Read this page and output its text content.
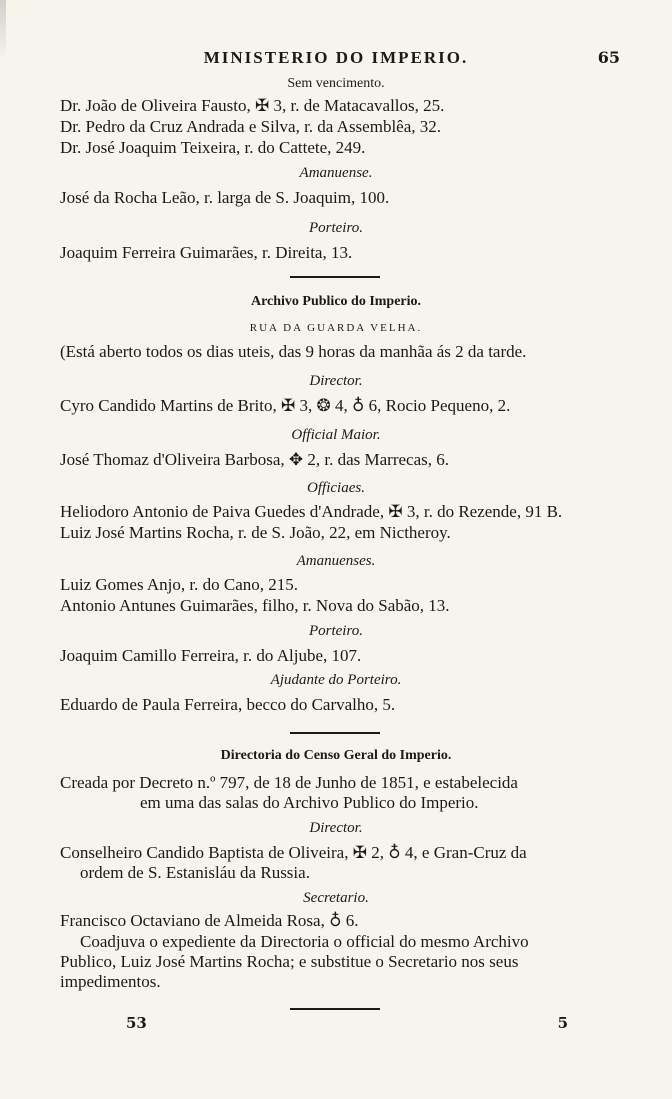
MINISTERIO DO IMPERIO.	65
Sem vencimento.
Dr. João de Oliveira Fausto, ✠ 3, r. de Matacavallos, 25.
Dr. Pedro da Cruz Andrada e Silva, r. da Assemblêa, 32.
Dr. José Joaquim Teixeira, r. do Cattete, 249.
Amanuense.
José da Rocha Leão, r. larga de S. Joaquim, 100.
Porteiro.
Joaquim Ferreira Guimarães, r. Direita, 13.
Archivo Publico do Imperio.
RUA DA GUARDA VELHA.
(Está aberto todos os dias uteis, das 9 horas da manhãa ás 2 da tarde.
Director.
Cyro Candido Martins de Brito, ✠ 3, ❂ 4, ♁ 6, Rocio Pequeno, 2.
Official Maior.
José Thomaz d'Oliveira Barbosa, ✥ 2, r. das Marrecas, 6.
Officiaes.
Heliodoro Antonio de Paiva Guedes d'Andrade, ✠ 3, r. do Rezende, 91 B.
Luiz José Martins Rocha, r. de S. João, 22, em Nictheroy.
Amanuenses.
Luiz Gomes Anjo, r. do Cano, 215.
Antonio Antunes Guimarães, filho, r. Nova do Sabão, 13.
Porteiro.
Joaquim Camillo Ferreira, r. do Aljube, 107.
Ajudante do Porteiro.
Eduardo de Paula Ferreira, becco do Carvalho, 5.
Directoria do Censo Geral do Imperio.
Creada por Decreto n.º 797, de 18 de Junho de 1851, e estabelecida
em uma das salas do Archivo Publico do Imperio.
Director.
Conselheiro Candido Baptista de Oliveira, ✠ 2, ♁ 4, e Gran-Cruz da
ordem de S. Estanisláu da Russia.
Secretario.
Francisco Octaviano de Almeida Rosa, ♁ 6.
Coadjuva o expediente da Directoria o official do mesmo Archivo
Publico, Luiz José Martins Rocha; e substitue o Secretario nos seus
impedimentos.
53	5
